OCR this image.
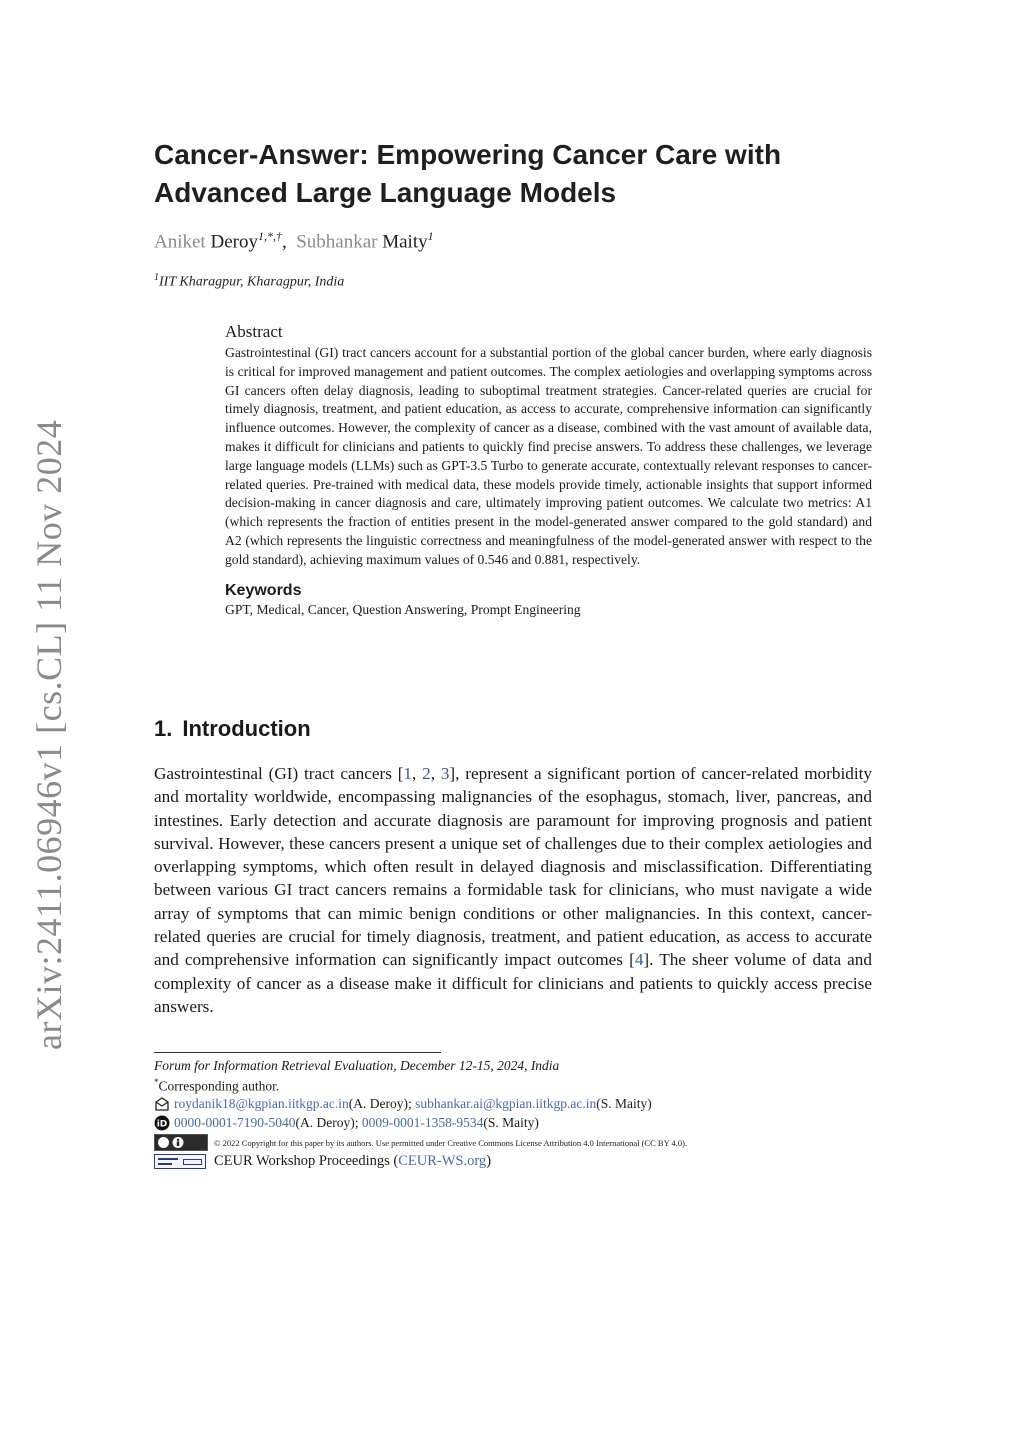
arXiv:2411.06946v1 [cs.CL] 11 Nov 2024
Cancer-Answer: Empowering Cancer Care with Advanced Large Language Models
Aniket Deroy$^{1,*,\dagger}$, Subhankar Maity$^1$
$^1$IIT Kharagpur, Kharagpur, India
Abstract

Gastrointestinal (GI) tract cancers account for a substantial portion of the global cancer burden, where early diagnosis is critical for improved management and patient outcomes. The complex aetiologies and overlapping symptoms across GI cancers often delay diagnosis, leading to suboptimal treatment strategies. Cancer-related queries are crucial for timely diagnosis, treatment, and patient education, as access to accurate, comprehensive information can significantly influence outcomes. However, the complexity of cancer as a disease, combined with the vast amount of available data, makes it difficult for clinicians and patients to quickly find precise answers. To address these challenges, we leverage large language models (LLMs) such as GPT-3.5 Turbo to generate accurate, contextually relevant responses to cancer-related queries. Pre-trained with medical data, these models provide timely, actionable insights that support informed decision-making in cancer diagnosis and care, ultimately improving patient outcomes. We calculate two metrics: A1 (which represents the fraction of entities present in the model-generated answer compared to the gold standard) and A2 (which represents the linguistic correctness and meaningfulness of the model-generated answer with respect to the gold standard), achieving maximum values of 0.546 and 0.881, respectively.

Keywords
GPT, Medical, Cancer, Question Answering, Prompt Engineering
1. Introduction

Gastrointestinal (GI) tract cancers [1, 2, 3], represent a significant portion of cancer-related morbidity and mortality worldwide, encompassing malignancies of the esophagus, stomach, liver, pancreas, and intestines. Early detection and accurate diagnosis are paramount for improving prognosis and patient survival. However, these cancers present a unique set of challenges due to their complex aetiologies and overlapping symptoms, which often result in delayed diagnosis and misclassification. Differentiating between various GI tract cancers remains a formidable task for clinicians, who must navigate a wide array of symptoms that can mimic benign conditions or other malignancies. In this context, cancer-related queries are crucial for timely diagnosis, treatment, and patient education, as access to accurate and comprehensive information can significantly impact outcomes [4]. The sheer volume of data and complexity of cancer as a disease make it difficult for clinicians and patients to quickly access precise answers.

Forum for Information Retrieval Evaluation, December 12-15, 2024, India
*Corresponding author.
roydanik18@kgpian.iitkgp.ac.in (A. Deroy);
subhankar.ai@kgpian.iitkgp.ac.in (S. Maity)
iD 0000-0001-7190-5040 (A. Deroy);
0009-0001-1358-9534 (S. Maity)
© 2022 Copyright for this paper by its authors. Use permitted under Creative Commons License Attribution 4.0 International (CC BY 4.0).
CEUR Workshop Proceedings ( CEUR-WS.org )
